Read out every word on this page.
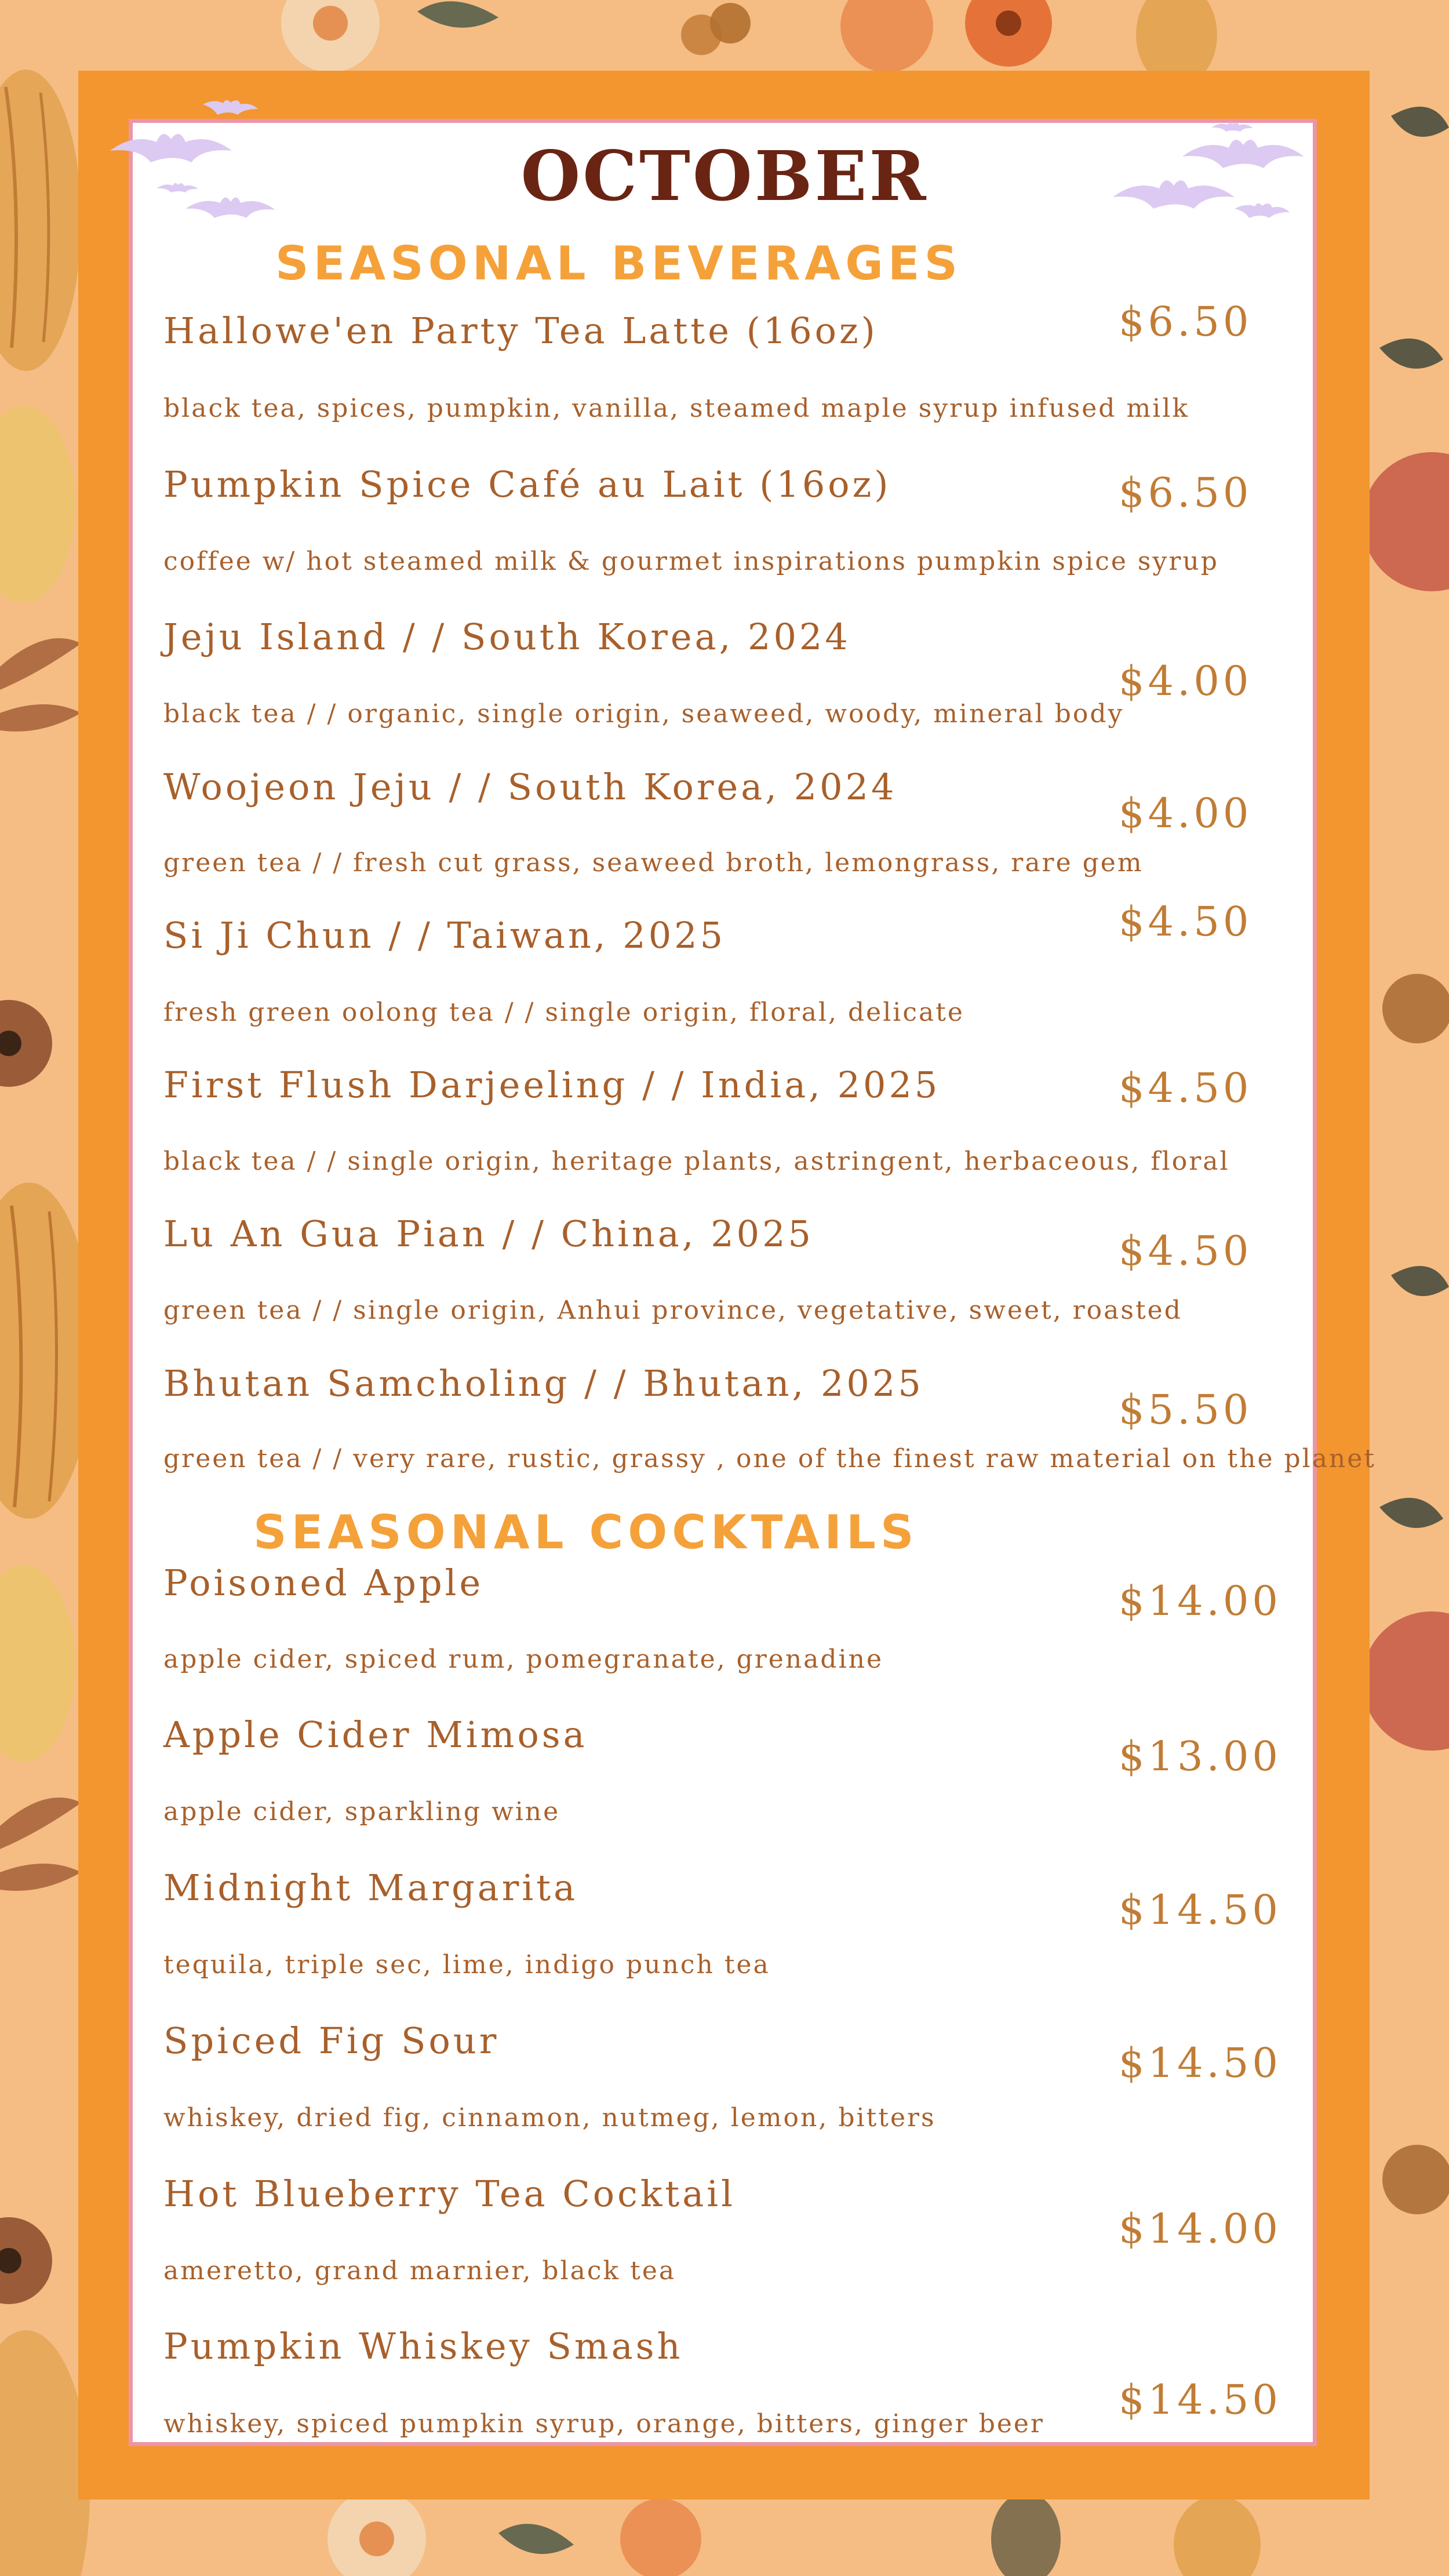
OCTOBER
SEASONAL BEVERAGES
Hallowe'en Party Tea Latte (16oz)
black tea, spices, pumpkin, vanilla, steamed maple syrup infused milk
$6.50
Pumpkin Spice Café au Lait (16oz)
coffee w/ hot steamed milk & gourmet inspirations pumpkin spice syrup
$6.50
Jeju Island / / South Korea, 2024
black tea / / organic, single origin, seaweed, woody, mineral body
$4.00
Woojeon Jeju / / South Korea, 2024
green tea / / fresh cut grass, seaweed broth, lemongrass, rare gem
$4.00
Si Ji Chun / / Taiwan, 2025
fresh green oolong tea / / single origin, floral, delicate
$4.50
First Flush Darjeeling / / India, 2025
black tea / / single origin, heritage plants, astringent, herbaceous, floral
$4.50
Lu An Gua Pian / / China, 2025
green tea / / single origin, Anhui province, vegetative, sweet, roasted
$4.50
Bhutan Samcholing / / Bhutan, 2025
green tea / / very rare, rustic, grassy , one of the finest raw material on the planet
$5.50
SEASONAL COCKTAILS
Poisoned Apple
apple cider, spiced rum, pomegranate, grenadine
$14.00
Apple Cider Mimosa
apple cider, sparkling wine
$13.00
Midnight Margarita
tequila, triple sec, lime, indigo punch tea
$14.50
Spiced Fig Sour
whiskey, dried fig, cinnamon, nutmeg, lemon, bitters
$14.50
Hot Blueberry Tea Cocktail
ameretto, grand marnier, black tea
$14.00
Pumpkin Whiskey Smash
whiskey, spiced pumpkin syrup, orange, bitters, ginger beer
$14.50
